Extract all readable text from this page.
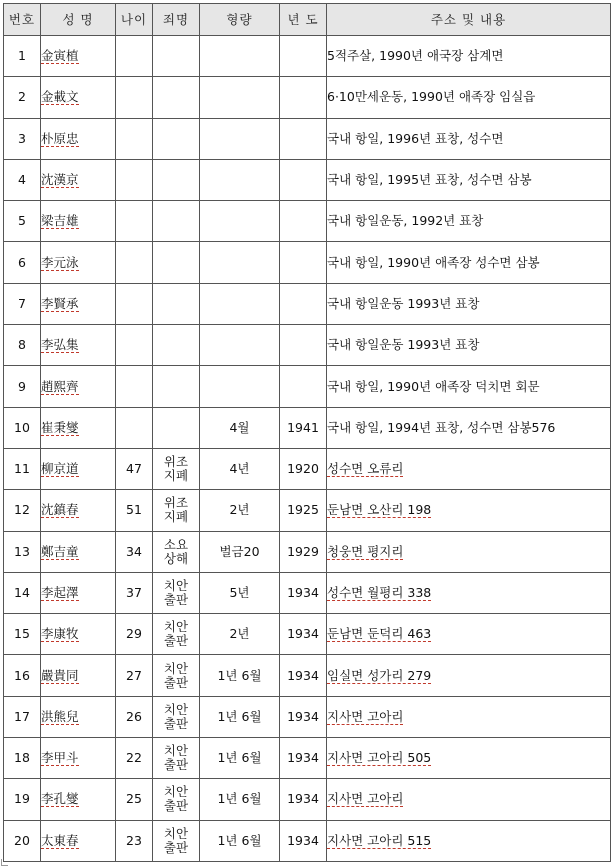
번호	성 명	나이	죄명	형량	년 도	주소 및 내용
1	金寅植					5적주살, 1990년 애국장 삼계면
2	金載文					6·10만세운동, 1990년 애족장 임실읍
3	朴原忠					국내 항일, 1996년 표창, 성수면
4	沈漢京					국내 항일, 1995년 표창, 성수면 삼봉
5	梁吉雄					국내 항일운동, 1992년 표창
6	李元泳					국내 항일, 1990년 애족장 성수면 삼봉
7	李賢承					국내 항일운동 1993년 표창
8	李弘集					국내 항일운동 1993년 표창
9	趙熙齊					국내 항일, 1990년 애족장 덕치면 회문
10	崔秉燮			4월	1941	국내 항일, 1994년 표창, 성수면 삼봉576
11	柳京道	47	위조
지폐	4년	1920	성수면 오류리
12	沈鎮春	51	위조
지폐	2년	1925	둔남면 오산리 198
13	鄭吉童	34	소요
상해	벌금20	1929	청웅면 평지리
14	李起澤	37	치안
출판	5년	1934	성수면 월평리 338
15	李康牧	29	치안
출판	2년	1934	둔남면 둔덕리 463
16	嚴貴同	27	치안
출판	1년 6월	1934	임실면 성가리 279
17	洪熊兒	26	치안
출판	1년 6월	1934	지사면 고아리
18	李甲斗	22	치안
출판	1년 6월	1934	지사면 고아리 505
19	李孔燮	25	치안
출판	1년 6월	1934	지사면 고아리
20	太東春	23	치안
출판	1년 6월	1934	지사면 고아리 515
